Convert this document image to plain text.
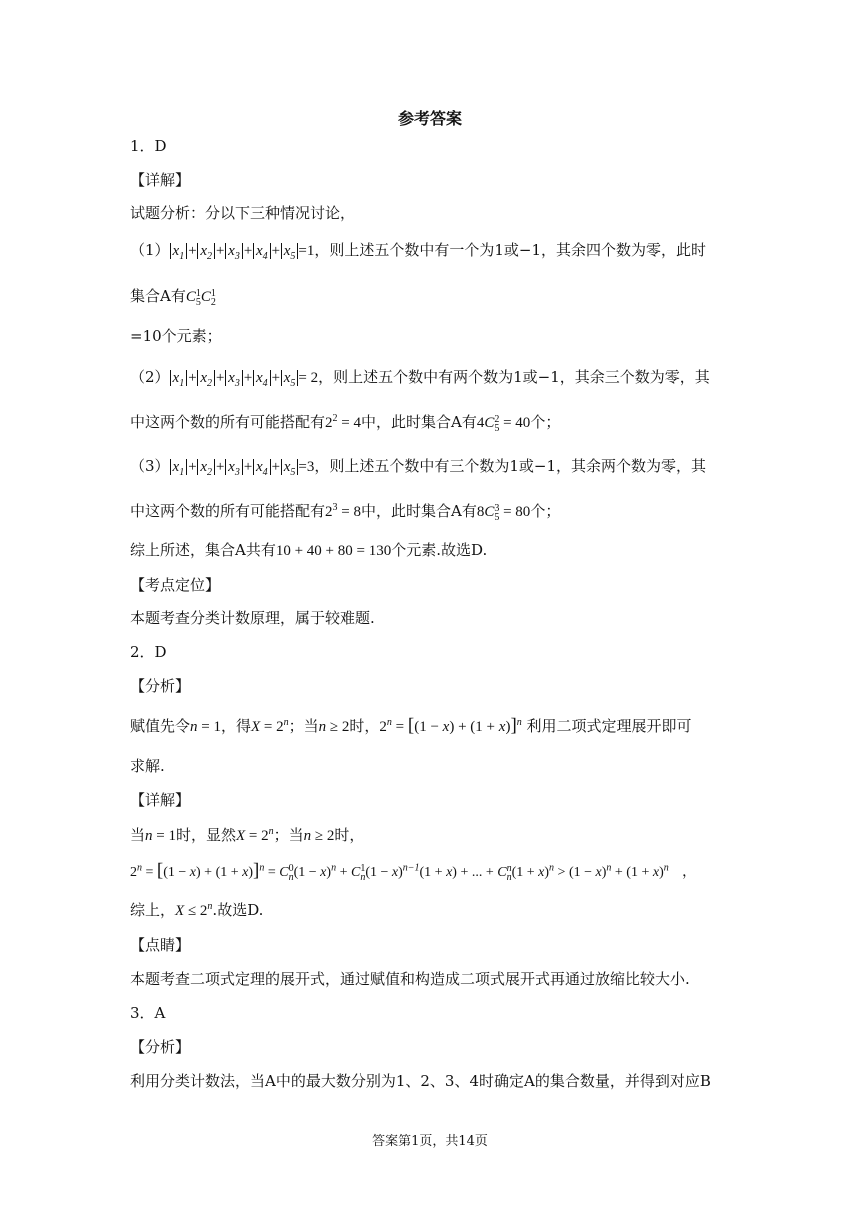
参考答案
1．D
【详解】
试题分析：分以下三种情况讨论，
（1） $x_1 + x_2 + x_3 + x_4 + x_5 =1$，则上述五个数中有一个为1或−1，其余四个数为零，此时
集合A有C1
5C1
2
=10个元素；
（2） $x_1 + x_2 + x_3 + x_4 + x_5 = 2$，则上述五个数中有两个数为1或−1，其余三个数为零，其
中这两个数的所有可能搭配有$2^2 = 4$中，此时集合A有4C2
5 = 40个；
（3） $x_1 + x_2 + x_3 + x_4 + x_5 =3$，则上述五个数中有三个数为1或−1，其余两个数为零，其
中这两个数的所有可能搭配有$2^3 = 8$中，此时集合A有8C3
5 = 80个；
综上所述，集合A共有10 + 40 + 80 = 130个元素.故选D.
【考点定位】
本题考查分类计数原理，属于较难题.
2．D
【分析】
赋值先令n = 1，得$X = 2^n$；当n ≥ 2时，$2^n = [(1 - x) + (1 + x)]^n$ 利用二项式定理展开即可
求解.
【详解】
当n = 1时，显然$X = 2^n$；当n ≥ 2时，
$2^n = [(1 - x) + (1 + x)]^n = C0$
$n(1 - x)^n + C1$
$n(1 - x)^{n-1}(1 + x)$ + ... + Cn
$n(1 + x)^n > (1 - x)^n + (1 + x)^n$   ，
综上，$X \le 2^n$.故选D.
【点睛】
本题考查二项式定理的展开式，通过赋值和构造成二项式展开式再通过放缩比较大小.
3．A
【分析】
利用分类计数法，当A中的最大数分别为1、2、3、4时确定A的集合数量，并得到对应B
答案第1页，共14页
